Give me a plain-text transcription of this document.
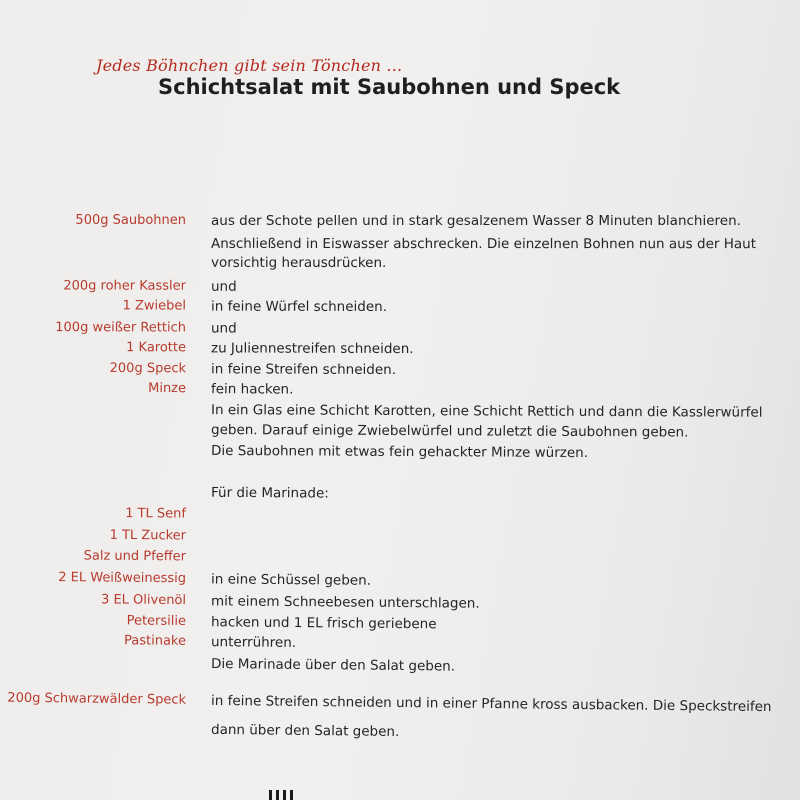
Jedes Böhnchen gibt sein Tönchen ...
Schichtsalat mit Saubohnen und Speck
500g Saubohnen aus der Schote pellen und in stark gesalzenem Wasser 8 Minuten blanchieren.
Anschließend in Eiswasser abschrecken. Die einzelnen Bohnen nun aus der Haut
vorsichtig herausdrücken.
200g roher Kassler und
1 Zwiebel in feine Würfel schneiden.
100g weißer Rettich und
1 Karotte zu Juliennestreifen schneiden.
200g Speck in feine Streifen schneiden.
Minze fein hacken.
In ein Glas eine Schicht Karotten, eine Schicht Rettich und dann die Kasslerwürfel
geben. Darauf einige Zwiebelwürfel und zuletzt die Saubohnen geben.
Die Saubohnen mit etwas fein gehackter Minze würzen.
Für die Marinade:
1 TL Senf
1 TL Zucker
Salz und Pfeffer
2 EL Weißweinessig in eine Schüssel geben.
3 EL Olivenöl mit einem Schneebesen unterschlagen.
Petersilie hacken und 1 EL frisch geriebene
Pastinake unterrühren.
Die Marinade über den Salat geben.
200g Schwarzwälder Speck in feine Streifen schneiden und in einer Pfanne kross ausbacken. Die Speckstreifen
dann über den Salat geben.
